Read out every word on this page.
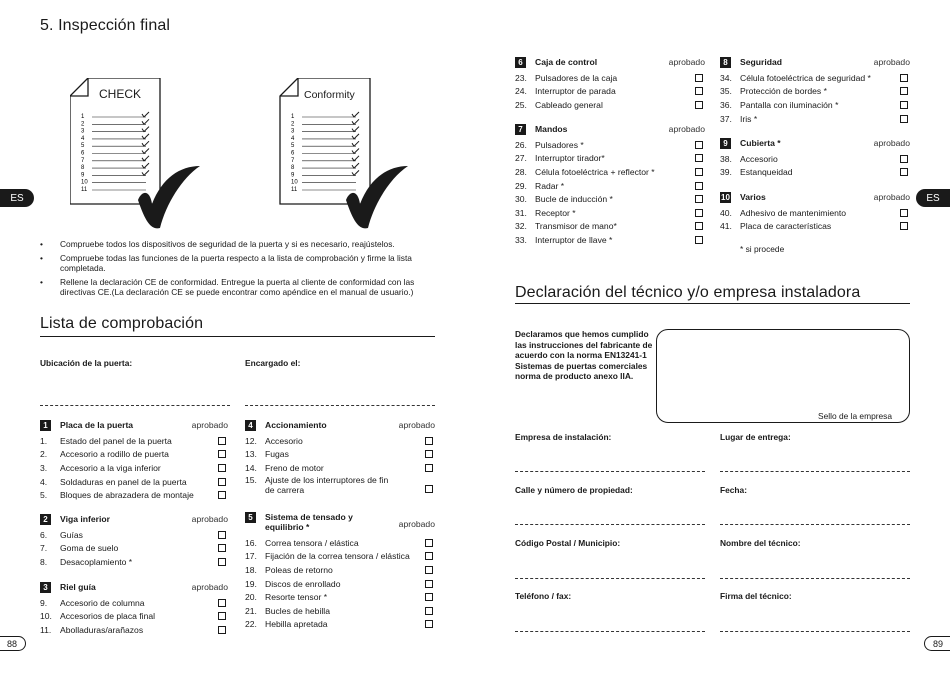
ES	ES
88	89
5. Inspección final
CHECK
1
2
3
4
5
6
7
8
9
10
11
Conformity
1
2
3
4
5
6
7
8
9
10
11
• Compruebe todos los dispositivos de seguridad de la puerta y si es necesario, reajústelos.
• Compruebe todas las funciones de la puerta respecto a la lista de comprobación y firme la lista completada.
• Rellene la declaración CE de conformidad. Entregue la puerta al cliente de conformidad con las directivas CE.(La declaración CE se puede encontrar como apéndice en el manual de usuario.)
Lista de comprobación
Ubicación de la puerta:	Encargado el:
1	Placa de la puerta	aprobado
1.	Estado del panel de la puerta
2.	Accesorio a rodillo de puerta
3.	Accesorio a la viga inferior
4.	Soldaduras en panel de la puerta
5.	Bloques de abrazadera de montaje
2	Viga inferior	aprobado
6.	Guías
7.	Goma de suelo
8.	Desacoplamiento *
3	Riel guía	aprobado
9.	Accesorio de columna
10. Accesorios de placa final
11.	Abolladuras/arañazos
4	Accionamiento	aprobado
12. Accesorio
13. Fugas
14. Freno de motor
15. Ajuste de los interruptores de fin de carrera
5	Sistema de tensado y equilibrio *	aprobado
16. Correa tensora / elástica
17. Fijación de la correa tensora / elástica
18. Poleas de retorno
19. Discos de enrollado
20. Resorte tensor *
21. Bucles de hebilla
22. Hebilla apretada
6	Caja de control	aprobado
23. Pulsadores de la caja
24. Interruptor de parada
25. Cableado general
7	Mandos	aprobado
26. Pulsadores *
27. Interruptor tirador*
28. Célula fotoeléctrica + reflector *
29. Radar *
30. Bucle de inducción *
31. Receptor *
32. Transmisor de mano*
33. Interruptor de llave *
8	Seguridad	aprobado
34. Célula fotoeléctrica de seguridad *
35. Protección de bordes *
36. Pantalla con iluminación *
37. Iris *
9	Cubierta *	aprobado
38. Accesorio
39. Estanqueidad
10 Varios	aprobado
40. Adhesivo de mantenimiento
41. Placa de características
* si procede
Declaración del técnico y/o empresa instaladora
Declaramos que hemos cumplido las instrucciones del fabricante de acuerdo con la norma EN13241-1 Sistemas de puertas comerciales norma de producto anexo IIA.
Sello de la empresa
Empresa de instalación:	Lugar de entrega:
Calle y número de propiedad:	Fecha:
Código Postal / Municipio:	Nombre del técnico:
Teléfono / fax:	Firma del técnico:
